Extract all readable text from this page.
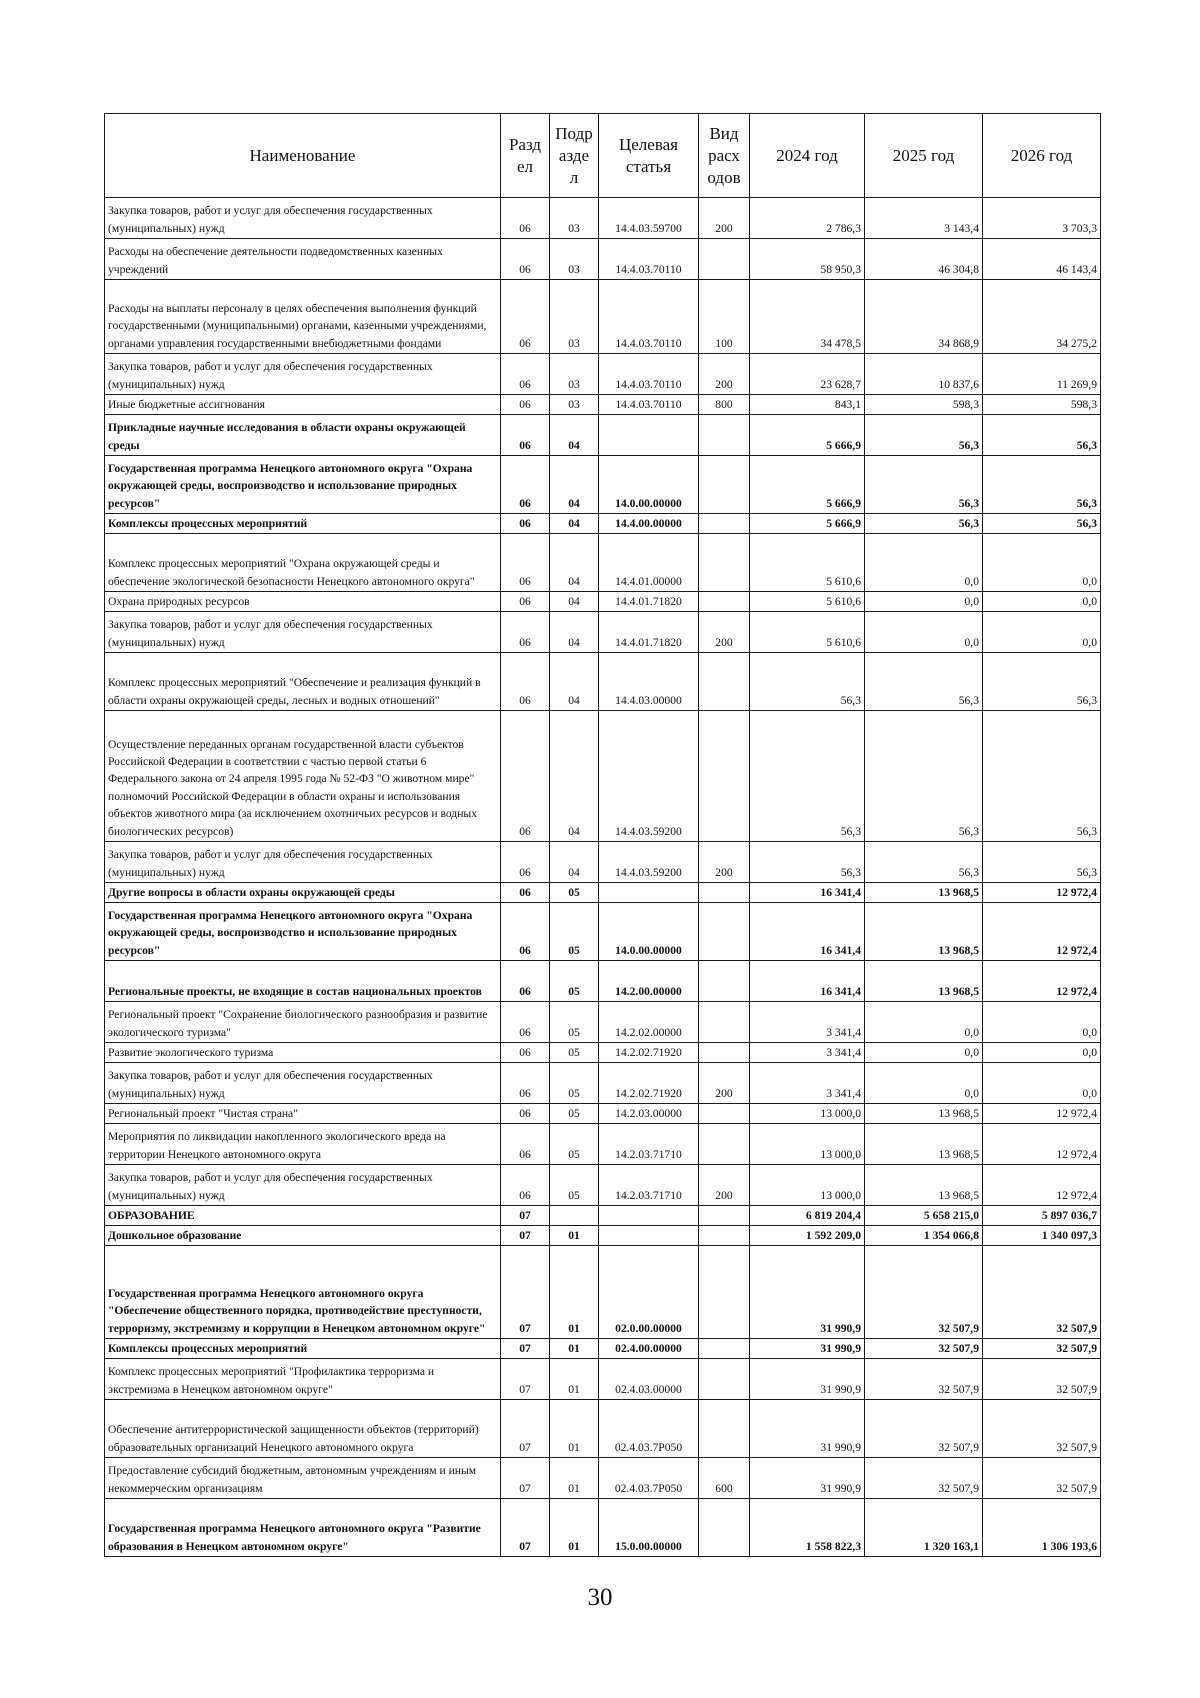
Наименование	Разд ел	Подр азде л	Целевая статья	Вид расх одов	2024 год	2025 год	2026 год
Закупка товаров, работ и услуг для обеспечения государственных (муниципальных) нужд	06	03	14.4.03.59700	200	2 786,3	3 143,4	3 703,3
Расходы на обеспечение деятельности подведомственных казенных учреждений	06	03	14.4.03.70110		58 950,3	46 304,8	46 143,4
Расходы на выплаты персоналу в целях обеспечения выполнения функций государственными (муниципальными) органами, казенными учреждениями, органами управления государственными внебюджетными фондами	06	03	14.4.03.70110	100	34 478,5	34 868,9	34 275,2
Закупка товаров, работ и услуг для обеспечения государственных (муниципальных) нужд	06	03	14.4.03.70110	200	23 628,7	10 837,6	11 269,9
Иные бюджетные ассигнования	06	03	14.4.03.70110	800	843,1	598,3	598,3
Прикладные научные исследования в области охраны окружающей среды	06	04			5 666,9	56,3	56,3
Государственная программа Ненецкого автономного округа "Охрана окружающей среды, воспроизводство и использование природных ресурсов"	06	04	14.0.00.00000		5 666,9	56,3	56,3
Комплексы процессных мероприятий	06	04	14.4.00.00000		5 666,9	56,3	56,3
Комплекс процессных мероприятий "Охрана окружающей среды и обеспечение экологической безопасности Ненецкого автономного округа"	06	04	14.4.01.00000		5 610,6	0,0	0,0
Охрана природных ресурсов	06	04	14.4.01.71820		5 610,6	0,0	0,0
Закупка товаров, работ и услуг для обеспечения государственных (муниципальных) нужд	06	04	14.4.01.71820	200	5 610,6	0,0	0,0
Комплекс процессных мероприятий "Обеспечение и реализация функций в области охраны окружающей среды, лесных и водных отношений"	06	04	14.4.03.00000		56,3	56,3	56,3
Осуществление переданных органам государственной власти субъектов Российской Федерации в соответствии с частью первой статьи 6 Федерального закона от 24 апреля 1995 года № 52-ФЗ "О животном мире" полномочий Российской Федерации в области охраны и использования объектов животного мира (за исключением охотничьих ресурсов и водных биологических ресурсов)	06	04	14.4.03.59200		56,3	56,3	56,3
Закупка товаров, работ и услуг для обеспечения государственных (муниципальных) нужд	06	04	14.4.03.59200	200	56,3	56,3	56,3
Другие вопросы в области охраны окружающей среды	06	05			16 341,4	13 968,5	12 972,4
Государственная программа Ненецкого автономного округа "Охрана окружающей среды, воспроизводство и использование природных ресурсов"	06	05	14.0.00.00000		16 341,4	13 968,5	12 972,4
Региональные проекты, не входящие в состав национальных проектов	06	05	14.2.00.00000		16 341,4	13 968,5	12 972,4
Региональный проект "Сохранение биологического разнообразия и развитие экологического туризма"	06	05	14.2.02.00000		3 341,4	0,0	0,0
Развитие экологического туризма	06	05	14.2.02.71920		3 341,4	0,0	0,0
Закупка товаров, работ и услуг для обеспечения государственных (муниципальных) нужд	06	05	14.2.02.71920	200	3 341,4	0,0	0,0
Региональный проект "Чистая страна"	06	05	14.2.03.00000		13 000,0	13 968,5	12 972,4
Мероприятия по ликвидации накопленного экологического вреда на территории Ненецкого автономного округа	06	05	14.2.03.71710		13 000,0	13 968,5	12 972,4
Закупка товаров, работ и услуг для обеспечения государственных (муниципальных) нужд	06	05	14.2.03.71710	200	13 000,0	13 968,5	12 972,4
ОБРАЗОВАНИЕ	07				6 819 204,4	5 658 215,0	5 897 036,7
Дошкольное образование	07	01			1 592 209,0	1 354 066,8	1 340 097,3
Государственная программа Ненецкого автономного округа "Обеспечение общественного порядка, противодействие преступности, терроризму, экстремизму и коррупции в Ненецком автономном округе"	07	01	02.0.00.00000		31 990,9	32 507,9	32 507,9
Комплексы процессных мероприятий	07	01	02.4.00.00000		31 990,9	32 507,9	32 507,9
Комплекс процессных мероприятий "Профилактика терроризма и экстремизма в Ненецком автономном округе"	07	01	02.4.03.00000		31 990,9	32 507,9	32 507,9
Обеспечение антитеррористической защищенности объектов (территорий) образовательных организаций Ненецкого автономного округа	07	01	02.4.03.7Р050		31 990,9	32 507,9	32 507,9
Предоставление субсидий бюджетным, автономным учреждениям и иным некоммерческим организациям	07	01	02.4.03.7Р050	600	31 990,9	32 507,9	32 507,9
Государственная программа Ненецкого автономного округа "Развитие образования в Ненецком автономном округе"	07	01	15.0.00.00000		1 558 822,3	1 320 163,1	1 306 193,6
30
